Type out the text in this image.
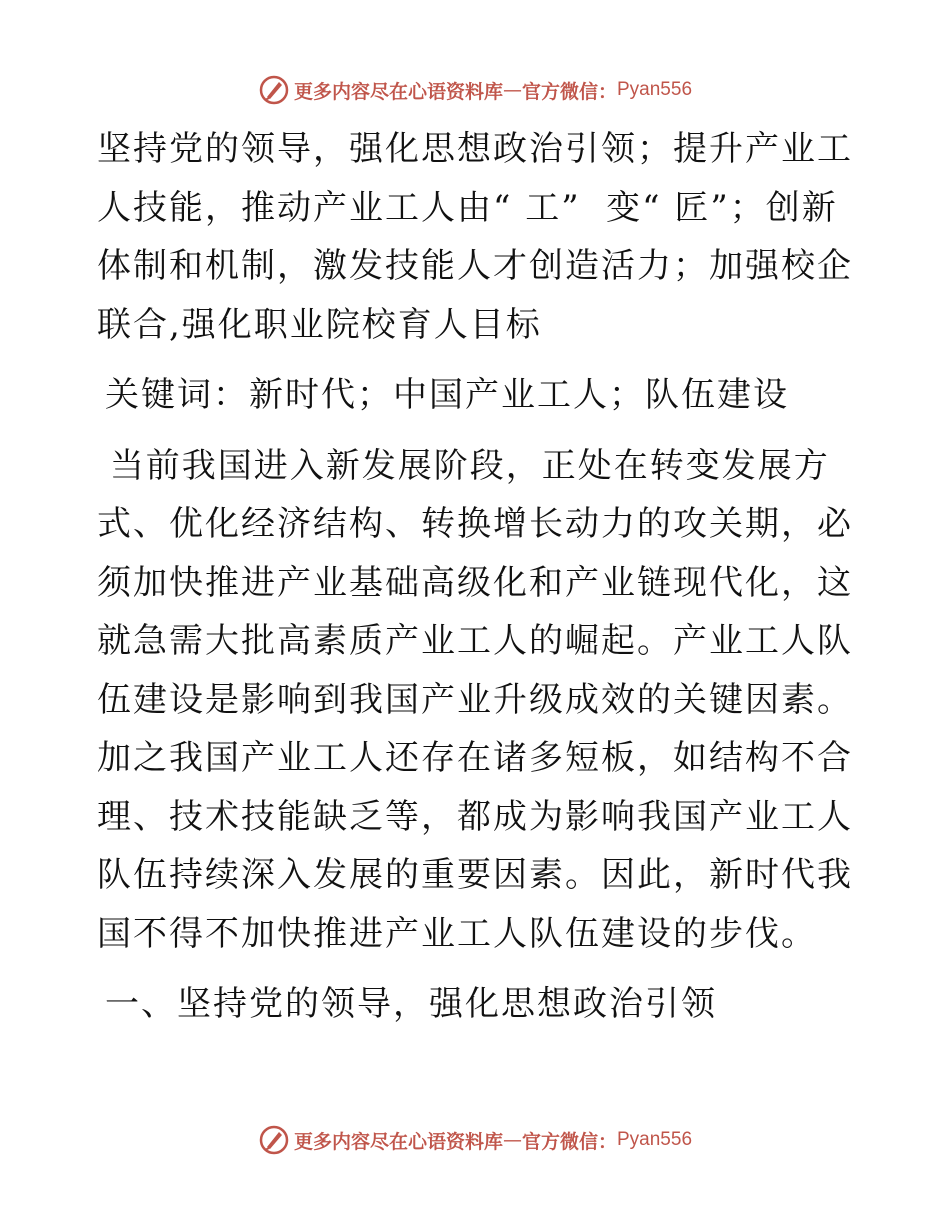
更多内容尽在心语资料库 — 官方微信： Pyan556

坚持党的领导，强化思想政治引领；提升产业工人技能，推动产业工人由“ 工”  变“ 匠”；创新体制和机制，激发技能人才创造活力；加强校企联合,强化职业院校育人目标

关键词：新时代；中国产业工人；队伍建设

当前我国进入新发展阶段，正处在转变发展方
式、优化经济结构、转换增长动力的攻关期，必须加快推进产业基础高级化和产业链现代化，这就急需大批高素质产业工人的崛起。产业工人队伍建设是影响到我国产业升级成效的关键因素。加之我国产业工人还存在诸多短板，如结构不合理、技术技能缺乏等，都成为影响我国产业工人队伍持续深入发展的重要因素。因此，新时代我国不得不加快推进产业工人队伍建设的步伐。

一、坚持党的领导，强化思想政治引领

更多内容尽在心语资料库 — 官方微信： Pyan556
